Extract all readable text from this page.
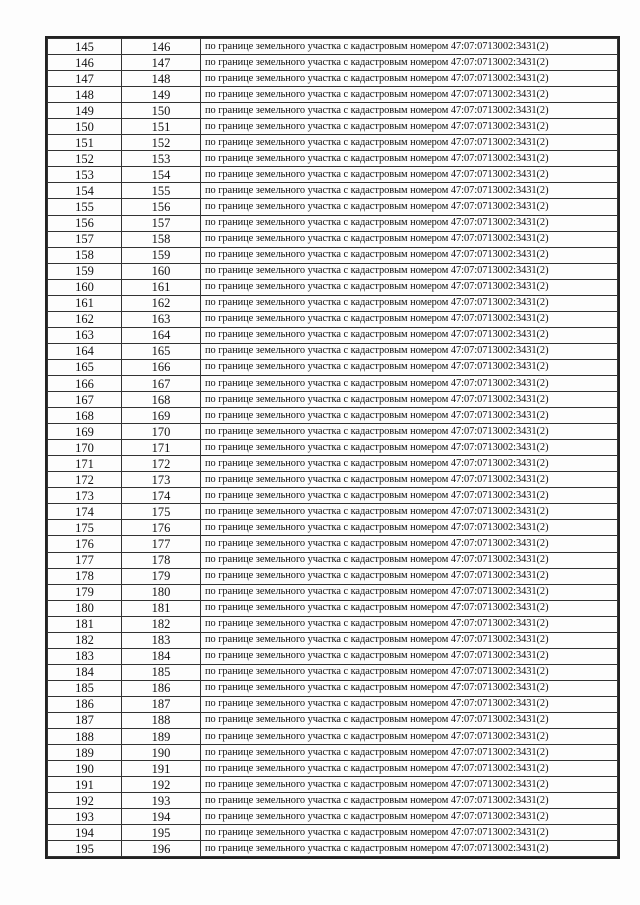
145	146	по границе земельного участка с кадастровым номером 47:07:0713002:3431(2)
146	147	по границе земельного участка с кадастровым номером 47:07:0713002:3431(2)
147	148	по границе земельного участка с кадастровым номером 47:07:0713002:3431(2)
148	149	по границе земельного участка с кадастровым номером 47:07:0713002:3431(2)
149	150	по границе земельного участка с кадастровым номером 47:07:0713002:3431(2)
150	151	по границе земельного участка с кадастровым номером 47:07:0713002:3431(2)
151	152	по границе земельного участка с кадастровым номером 47:07:0713002:3431(2)
152	153	по границе земельного участка с кадастровым номером 47:07:0713002:3431(2)
153	154	по границе земельного участка с кадастровым номером 47:07:0713002:3431(2)
154	155	по границе земельного участка с кадастровым номером 47:07:0713002:3431(2)
155	156	по границе земельного участка с кадастровым номером 47:07:0713002:3431(2)
156	157	по границе земельного участка с кадастровым номером 47:07:0713002:3431(2)
157	158	по границе земельного участка с кадастровым номером 47:07:0713002:3431(2)
158	159	по границе земельного участка с кадастровым номером 47:07:0713002:3431(2)
159	160	по границе земельного участка с кадастровым номером 47:07:0713002:3431(2)
160	161	по границе земельного участка с кадастровым номером 47:07:0713002:3431(2)
161	162	по границе земельного участка с кадастровым номером 47:07:0713002:3431(2)
162	163	по границе земельного участка с кадастровым номером 47:07:0713002:3431(2)
163	164	по границе земельного участка с кадастровым номером 47:07:0713002:3431(2)
164	165	по границе земельного участка с кадастровым номером 47:07:0713002:3431(2)
165	166	по границе земельного участка с кадастровым номером 47:07:0713002:3431(2)
166	167	по границе земельного участка с кадастровым номером 47:07:0713002:3431(2)
167	168	по границе земельного участка с кадастровым номером 47:07:0713002:3431(2)
168	169	по границе земельного участка с кадастровым номером 47:07:0713002:3431(2)
169	170	по границе земельного участка с кадастровым номером 47:07:0713002:3431(2)
170	171	по границе земельного участка с кадастровым номером 47:07:0713002:3431(2)
171	172	по границе земельного участка с кадастровым номером 47:07:0713002:3431(2)
172	173	по границе земельного участка с кадастровым номером 47:07:0713002:3431(2)
173	174	по границе земельного участка с кадастровым номером 47:07:0713002:3431(2)
174	175	по границе земельного участка с кадастровым номером 47:07:0713002:3431(2)
175	176	по границе земельного участка с кадастровым номером 47:07:0713002:3431(2)
176	177	по границе земельного участка с кадастровым номером 47:07:0713002:3431(2)
177	178	по границе земельного участка с кадастровым номером 47:07:0713002:3431(2)
178	179	по границе земельного участка с кадастровым номером 47:07:0713002:3431(2)
179	180	по границе земельного участка с кадастровым номером 47:07:0713002:3431(2)
180	181	по границе земельного участка с кадастровым номером 47:07:0713002:3431(2)
181	182	по границе земельного участка с кадастровым номером 47:07:0713002:3431(2)
182	183	по границе земельного участка с кадастровым номером 47:07:0713002:3431(2)
183	184	по границе земельного участка с кадастровым номером 47:07:0713002:3431(2)
184	185	по границе земельного участка с кадастровым номером 47:07:0713002:3431(2)
185	186	по границе земельного участка с кадастровым номером 47:07:0713002:3431(2)
186	187	по границе земельного участка с кадастровым номером 47:07:0713002:3431(2)
187	188	по границе земельного участка с кадастровым номером 47:07:0713002:3431(2)
188	189	по границе земельного участка с кадастровым номером 47:07:0713002:3431(2)
189	190	по границе земельного участка с кадастровым номером 47:07:0713002:3431(2)
190	191	по границе земельного участка с кадастровым номером 47:07:0713002:3431(2)
191	192	по границе земельного участка с кадастровым номером 47:07:0713002:3431(2)
192	193	по границе земельного участка с кадастровым номером 47:07:0713002:3431(2)
193	194	по границе земельного участка с кадастровым номером 47:07:0713002:3431(2)
194	195	по границе земельного участка с кадастровым номером 47:07:0713002:3431(2)
195	196	по границе земельного участка с кадастровым номером 47:07:0713002:3431(2)
